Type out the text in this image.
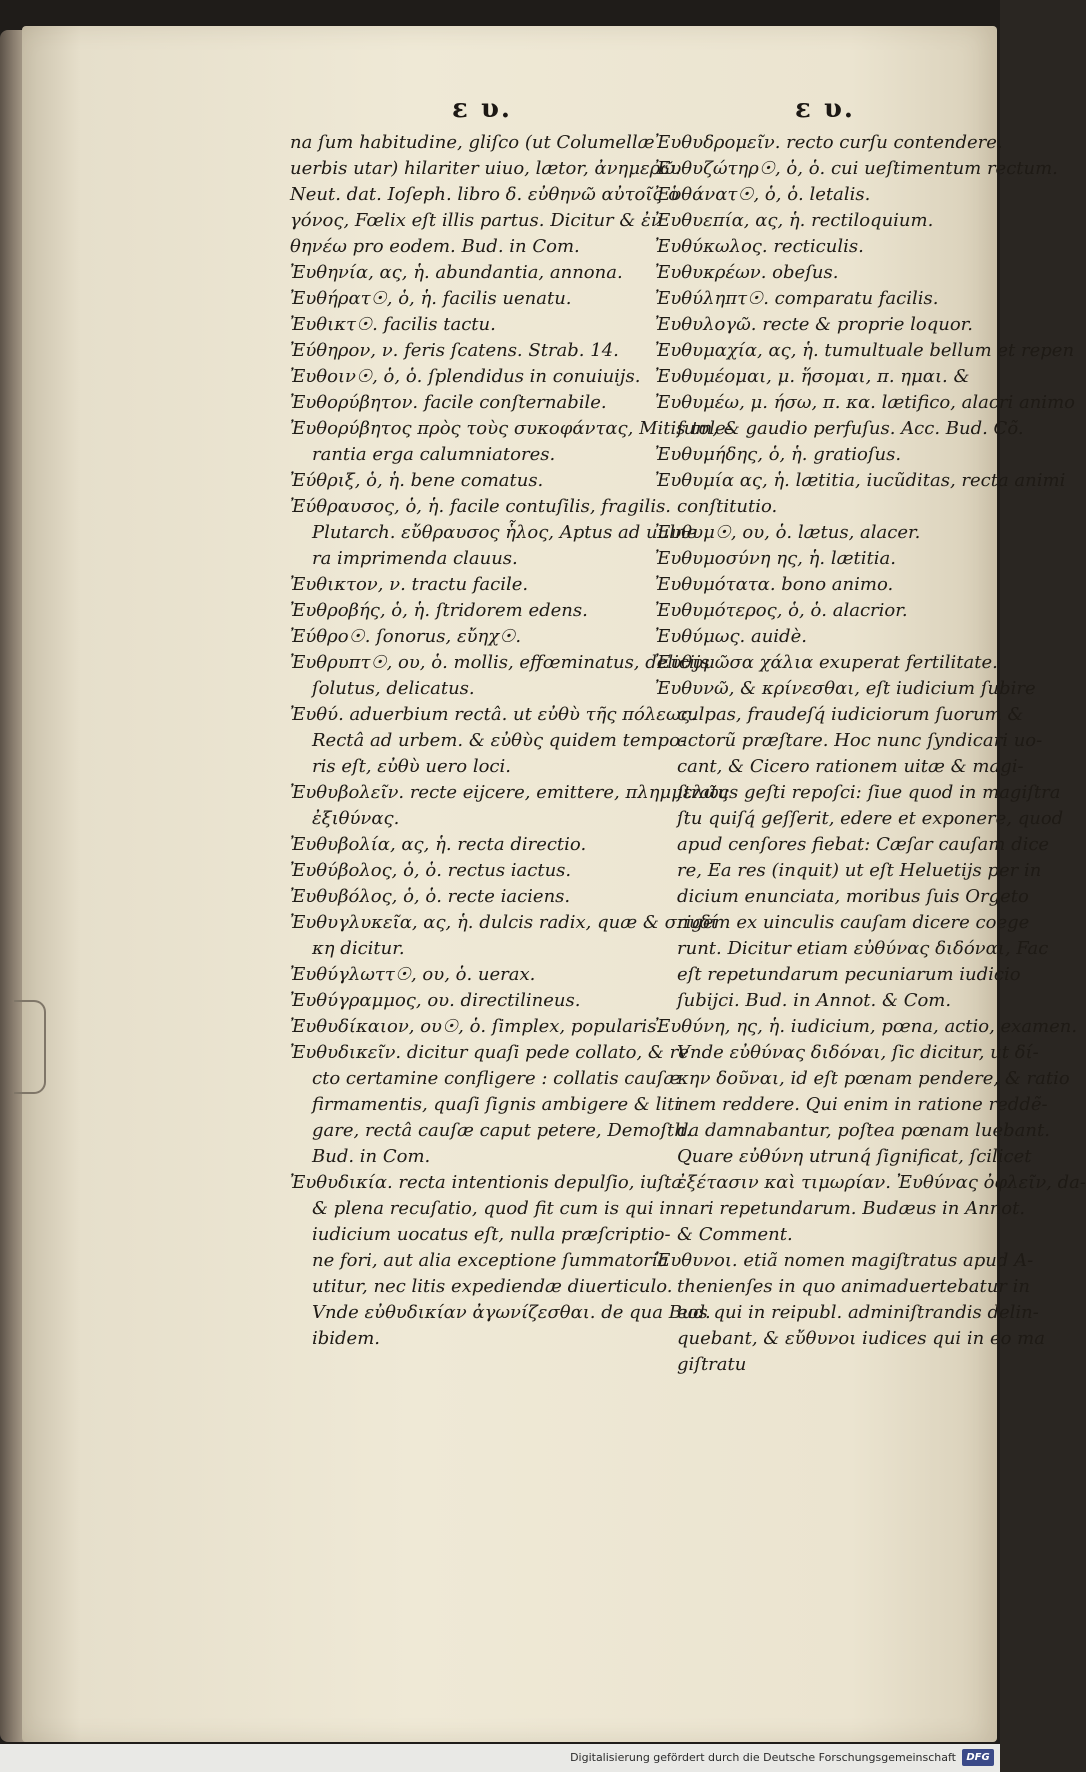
ε υ.	ε υ.
na ſum habitudine, gliſco (ut Columellæ
uerbis utar) hilariter uiuo, lætor, ἀνημερῶ.
Neut. dat. Ioſeph. libro δ. εὐθηνῶ αὐτοῖς ὁ
γόνος, Fœlix eſt illis partus. Dicitur & ἐν
θηνέω pro eodem. Bud. in Com.
Ἐυθηνία, ας, ἡ. abundantia, annona.
Ἐυθήρατ☉, ὁ, ἡ. facilis uenatu.
Ἐυθικτ☉. facilis tactu.
Ἐύθηρον, ν. feris ſcatens. Strab. 14.
Ἐυθοιν☉, ὁ, ὁ. ſplendidus in conuiuijs.
Ἐυθορύβητον. facile conſternabile.
Ἐυθορύβητος πρὸς τοὺς συκοφάντας, Mitis tole-
rantia erga calumniatores.
Ἐύθριξ, ὁ, ἡ. bene comatus.
Ἐύθραυσος, ὁ, ἡ. facile contuſilis, fragilis.
Plutarch. εὔθραυσος ἧλος, Aptus ad uulne
ra imprimenda clauus.
Ἐυθικτον, ν. tractu facile.
Ἐυθροβής, ὁ, ἡ. ſtridorem edens.
Ἐύθρο☉. ſonorus, εὔηχ☉.
Ἐυθρυπτ☉, ου, ὁ. mollis, effœminatus, delicijs
ſolutus, delicatus.
Ἐυθύ. aduerbium rectâ. ut εὐθὺ τῆς πόλεως.
Rectâ ad urbem. & εὐθὺς quidem tempo-
ris eſt, εὐθὺ uero loci.
Ἐυθυβολεῖν. recte eijcere, emittere, πλημμελῶς
ἐξιθύνας.
Ἐυθυβολία, ας, ἡ. recta directio.
Ἐυθύβολος, ὁ, ὁ. rectus iactus.
Ἐυθυβόλος, ὁ, ὁ. recte iaciens.
Ἐυθυγλυκεῖα, ας, ἡ. dulcis radix, quæ & σπυδί
κη dicitur.
Ἐυθύγλωττ☉, ου, ὁ. uerax.
Ἐυθύγραμμος, ου. directilineus.
Ἐυθυδίκαιον, ου☉, ὁ. ſimplex, popularis.
Ἐυθυδικεῖν. dicitur quaſi pede collato, & re
cto certamine confligere : collatis cauſæ
firmamentis, quaſi ſignis ambigere & liti
gare, rectâ cauſæ caput petere, Demoſth.
Bud. in Com.
Ἐυθυδικία. recta intentionis depulſio, iuſta
& plena recuſatio, quod fit cum is qui in
iudicium uocatus eſt, nulla præſcriptio-
ne fori, aut alia exceptione ſummatoria
utitur, nec litis expediendæ diuerticulo.
Vnde εὐθυδικίαν ἀγωνίζεσθαι. de qua Bud.
ibidem.
Ἐυθυδρομεῖν. recto curſu contendere.
Ἐυθυζώτηρ☉, ὁ, ὁ. cui ueſtimentum rectum.
Ἐυθάνατ☉, ὁ, ὁ. letalis.
Ἐυθυεπία, ας, ἡ. rectiloquium.
Ἐυθύκωλος. recticulis.
Ἐυθυκρέων. obeſus.
Ἐυθύληπτ☉. comparatu facilis.
Ἐυθυλογῶ. recte & proprie loquor.
Ἐυθυμαχία, ας, ἡ. tumultuale bellum et repen
Ἐυθυμέομαι, μ. ἥσομαι, π. ημαι. &
Ἐυθυμέω, μ. ήσω, π. κα. lætifico, alacri animo
ſum, & gaudio perfuſus. Acc. Bud. Cõ.
Ἐυθυμήδης, ὁ, ἡ. gratioſus.
Ἐυθυμία ας, ἡ. lætitia, iucũditas, recta animi
conſtitutio.
Ἐυθυμ☉, ου, ὁ. lætus, alacer.
Ἐυθυμοσύνη ης, ἡ. lætitia.
Ἐυθυμότατα. bono animo.
Ἐυθυμότερος, ὁ, ὁ. alacrior.
Ἐυθύμως. auidè.
Ἐυθυμῶσα χάλια exuperat fertilitate.
Ἐυθυνῶ, & κρίνεσθαι, eſt iudicium ſubire
culpas, fraudeſq́ iudiciorum ſuorum &
actorũ præſtare. Hoc nunc ſyndicari uo-
cant, & Cicero rationem uitæ & magi-
ſtratus geſti repoſci: ſiue quod in magiſtra
ſtu quiſq́ geſſerit, edere et exponere, quod
apud cenſores fiebat: Cæſar cauſam dice
re, Ea res (inquit) ut eſt Heluetijs per in
dicium enunciata, moribus ſuis Orgeto
rigem ex uinculis cauſam dicere coege
runt. Dicitur etiam εὐθύνας διδόναι, Fac
eſt repetundarum pecuniarum iudicio
ſubijci. Bud. in Annot. & Com.
Ἐυθύνη, ης, ἡ. iudicium, pœna, actio, examen.
Vnde εὐθύνας διδόναι, ſic dicitur, ut δί-
κην δοῦναι, id eſt pœnam pendere, & ratio
nem reddere. Qui enim in ratione reddẽ-
da damnabantur, poſtea pœnam luebant.
Quare εὐθύνη utrunq́ ſignificat, ſcilicet
ἐξέτασιν καὶ τιμωρίαν. Ἐυθύνας ὀφλεῖν, da-
nari repetundarum. Budæus in Annot.
& Comment.
Ἐυθυνοι. etiã nomen magiſtratus apud A-
thenienſes in quo animaduertebatur in
eos qui in reipubl. adminiſtrandis delin-
quebant, & εὔθυνοι iudices qui in eo ma
giſtratu
Digitalisierung gefördert durch die Deutsche Forschungsgemeinschaft	DFG
